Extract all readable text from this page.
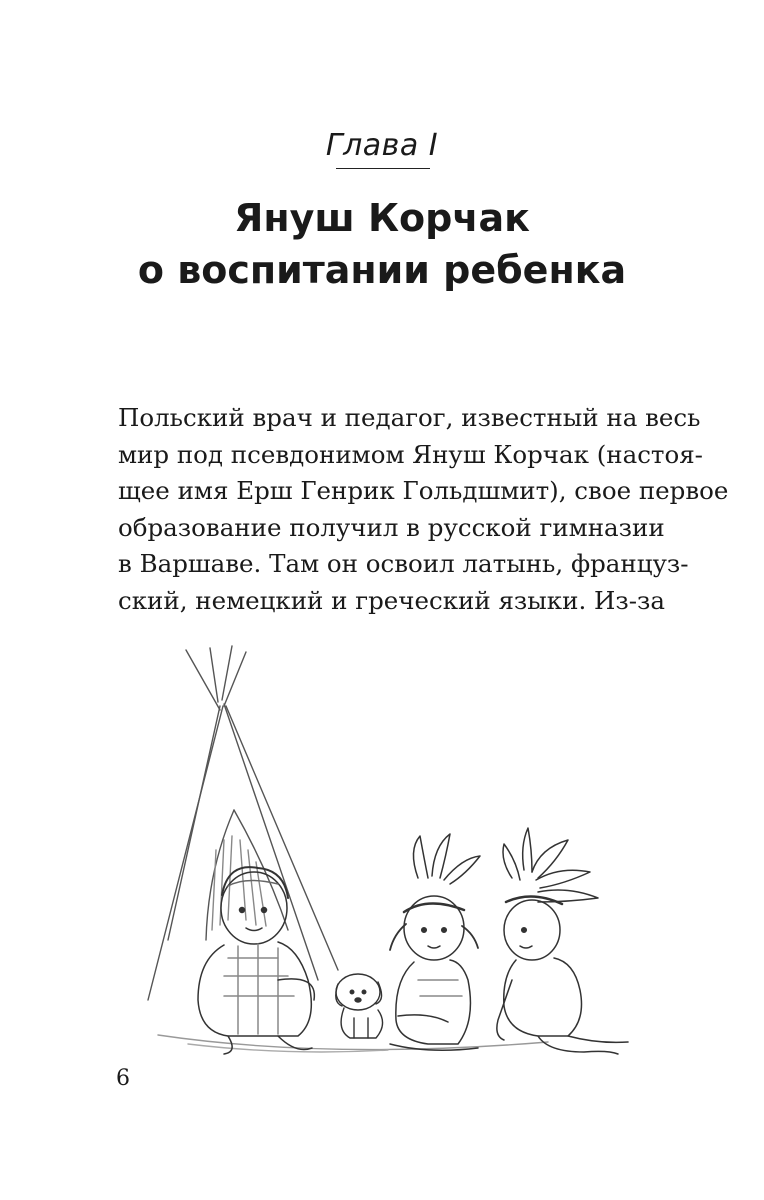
Глава I
Януш Корчак
о воспитании ребенка
Польский врач и педагог, известный на весь
мир под псевдонимом Януш Корчак (настоя-
щее имя Ерш Генрик Гольдшмит), свое первое
образование получил в русской гимназии
в Варшаве. Там он освоил латынь, француз-
ский, немецкий и греческий языки. Из-за
6
